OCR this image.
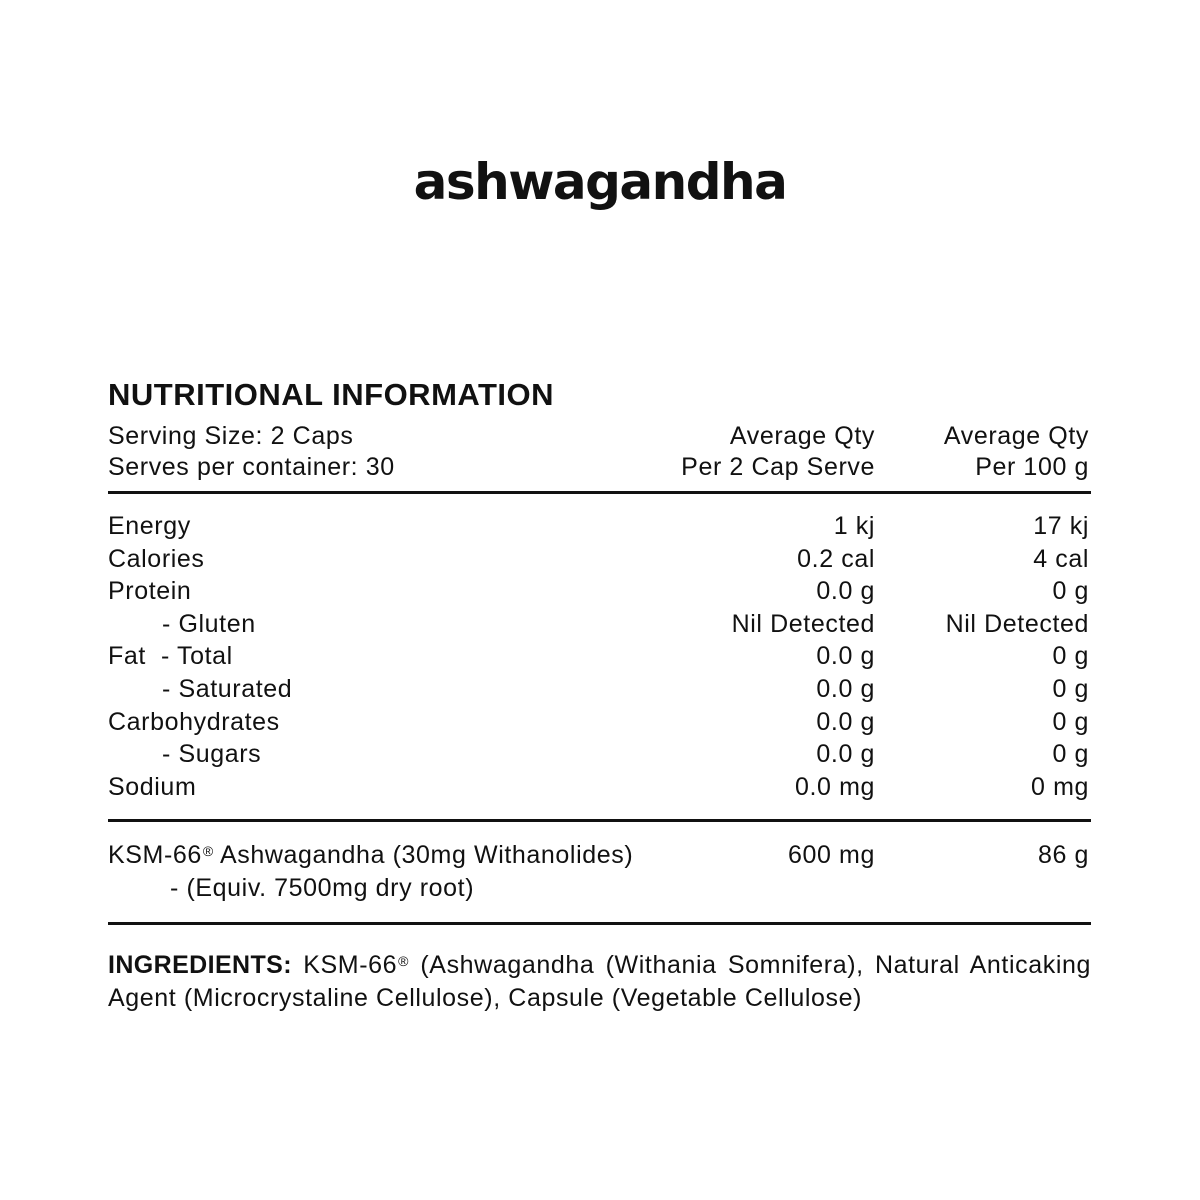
ashwagandha
NUTRITIONAL INFORMATION
Serving Size: 2 Caps	Average Qty	Average Qty
Serves per container: 30	Per 2 Cap Serve	Per 100 g
Energy	1 kj	17 kj
Calories	0.2 cal	4 cal
Protein	0.0 g	0 g
- Gluten	Nil Detected	Nil Detected
Fat  - Total	0.0 g	0 g
- Saturated	0.0 g	0 g
Carbohydrates	0.0 g	0 g
- Sugars	0.0 g	0 g
Sodium	0.0 mg	0 mg
KSM-66® Ashwagandha (30mg Withanolides)	600 mg	86 g
- (Equiv. 7500mg dry root)
INGREDIENTS: KSM-66® (Ashwagandha (Withania Somnifera), Natural Anticaking Agent (Microcrystaline Cellulose), Capsule (Vegetable Cellulose)
